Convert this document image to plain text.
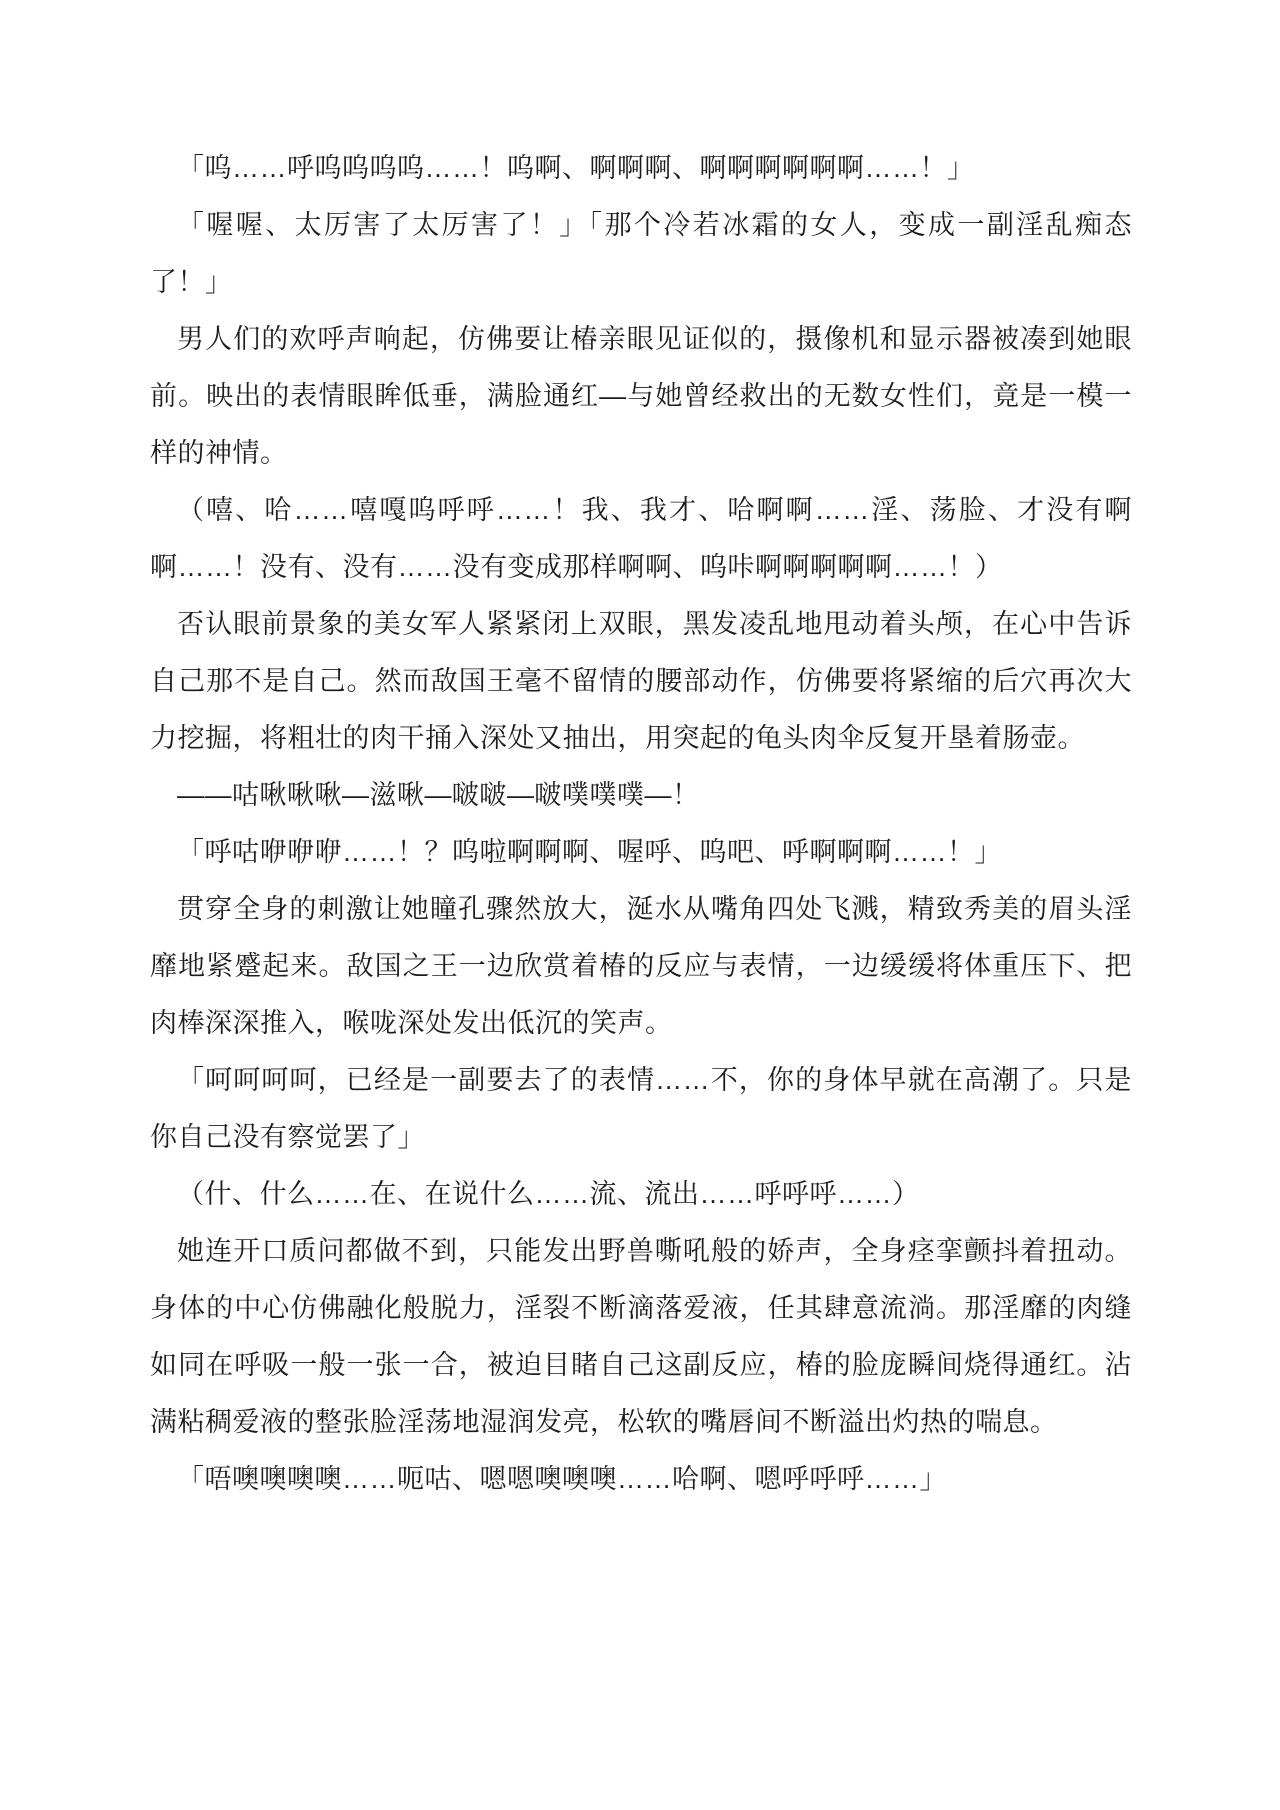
「呜……呼呜呜呜呜……！呜啊、啊啊啊、啊啊啊啊啊啊……！」

「喔喔、太厉害了太厉害了！」「那个冷若冰霜的女人，变成一副淫乱痴态了！」

男人们的欢呼声响起，仿佛要让椿亲眼见证似的，摄像机和显示器被凑到她眼前。映出的表情眼眸低垂，满脸通红—与她曾经救出的无数女性们，竟是一模一样的神情。

（嘻、哈……嘻嘎呜呼呼……！我、我才、哈啊啊……淫、荡脸、才没有啊啊……！没有、没有……没有变成那样啊啊、呜咔啊啊啊啊啊……！）

否认眼前景象的美女军人紧紧闭上双眼，黑发凌乱地甩动着头颅，在心中告诉自己那不是自己。然而敌国王毫不留情的腰部动作，仿佛要将紧缩的后穴再次大力挖掘，将粗壮的肉干捅入深处又抽出，用突起的龟头肉伞反复开垦着肠壶。

——咕啾啾啾—滋啾—啵啵—啵噗噗噗—！

「呼咕咿咿咿……！？呜啦啊啊啊、喔呼、呜吧、呼啊啊啊……！」

贯穿全身的刺激让她瞳孔骤然放大，涎水从嘴角四处飞溅，精致秀美的眉头淫靡地紧蹙起来。敌国之王一边欣赏着椿的反应与表情，一边缓缓将体重压下、把肉棒深深推入，喉咙深处发出低沉的笑声。

「呵呵呵呵，已经是一副要去了的表情……不，你的身体早就在高潮了。只是你自己没有察觉罢了」

（什、什么……在、在说什么……流、流出……呼呼呼……）

她连开口质问都做不到，只能发出野兽嘶吼般的娇声，全身痉挛颤抖着扭动。身体的中心仿佛融化般脱力，淫裂不断滴落爱液，任其肆意流淌。那淫靡的肉缝如同在呼吸一般一张一合，被迫目睹自己这副反应，椿的脸庞瞬间烧得通红。沾满粘稠爱液的整张脸淫荡地湿润发亮，松软的嘴唇间不断溢出灼热的喘息。

「唔噢噢噢噢……呃咕、嗯嗯噢噢噢……哈啊、嗯呼呼呼……」
